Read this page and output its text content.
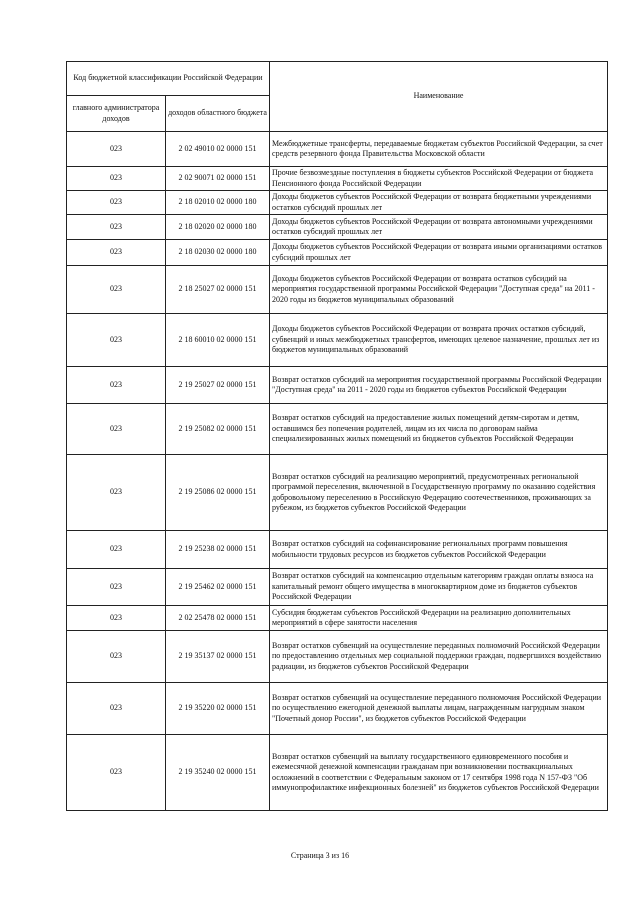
Код бюджетной классификации Российской Федерации		Наименование
главного администратора доходов	доходов областного бюджета	
023	2 02 49010 02 0000 151	Межбюджетные трансферты, передаваемые бюджетам субъектов Российской Федерации, за счет средств резервного фонда Правительства Московской области
023	2 02 90071 02 0000 151	Прочие безвозмездные поступления в бюджеты субъектов Российской Федерации от бюджета Пенсионного фонда Российской Федерации
023	2 18 02010 02 0000 180	Доходы бюджетов субъектов Российской Федерации от возврата бюджетными учреждениями остатков субсидий прошлых лет
023	2 18 02020 02 0000 180	Доходы бюджетов субъектов Российской Федерации от возврата автономными учреждениями остатков субсидий прошлых лет
023	2 18 02030 02 0000 180	Доходы бюджетов субъектов Российской Федерации от возврата иными организациями остатков субсидий прошлых лет
023	2 18 25027 02 0000 151	Доходы бюджетов субъектов Российской Федерации от возврата остатков субсидий на мероприятия государственной программы Российской Федерации "Доступная среда" на 2011 - 2020 годы из бюджетов муниципальных образований
023	2 18 60010 02 0000 151	Доходы бюджетов субъектов Российской Федерации от возврата прочих остатков субсидий, субвенций и иных межбюджетных трансфертов, имеющих целевое назначение, прошлых лет из бюджетов муниципальных образований
023	2 19 25027 02 0000 151	Возврат остатков субсидий на мероприятия государственной программы Российской Федерации "Доступная среда" на 2011 - 2020 годы из бюджетов субъектов Российской Федерации
023	2 19 25082 02 0000 151	Возврат остатков субсидий на предоставление жилых помещений детям-сиротам и детям, оставшимся без попечения родителей, лицам из их числа по договорам найма специализированных жилых помещений из бюджетов субъектов Российской Федерации
023	2 19 25086 02 0000 151	Возврат остатков субсидий на реализацию мероприятий, предусмотренных региональной программой переселения, включенной в Государственную программу по оказанию содействия добровольному переселению в Российскую Федерацию соотечественников, проживающих за рубежом, из бюджетов субъектов Российской Федерации
023	2 19 25238 02 0000 151	Возврат остатков субсидий на софинансирование региональных программ повышения мобильности трудовых ресурсов из бюджетов субъектов Российской Федерации
023	2 19 25462 02 0000 151	Возврат остатков субсидий на компенсацию отдельным категориям граждан оплаты взноса на капитальный ремонт общего имущества в многоквартирном доме из бюджетов субъектов Российской Федерации
023	2 02 25478 02 0000 151	Субсидия бюджетам субъектов Российской Федерации на реализацию дополнительных мероприятий в сфере занятости населения
023	2 19 35137 02 0000 151	Возврат остатков субвенций на осуществление переданных полномочий Российской Федерации по предоставлению отдельных мер социальной поддержки граждан, подвергшихся воздействию радиации, из бюджетов субъектов Российской Федерации
023	2 19 35220 02 0000 151	Возврат остатков субвенций на осуществление переданного полномочия Российской Федерации по осуществлению ежегодной денежной выплаты лицам, награжденным нагрудным знаком "Почетный донор России", из бюджетов субъектов Российской Федерации
023	2 19 35240 02 0000 151	Возврат остатков субвенций на выплату государственного единовременного пособия и ежемесячной денежной компенсации гражданам при возникновении поствакцинальных осложнений в соответствии с Федеральным законом от 17 сентября 1998 года N 157-ФЗ "Об иммунопрофилактике инфекционных болезней" из бюджетов субъектов Российской Федерации
Страница 3 из 16
